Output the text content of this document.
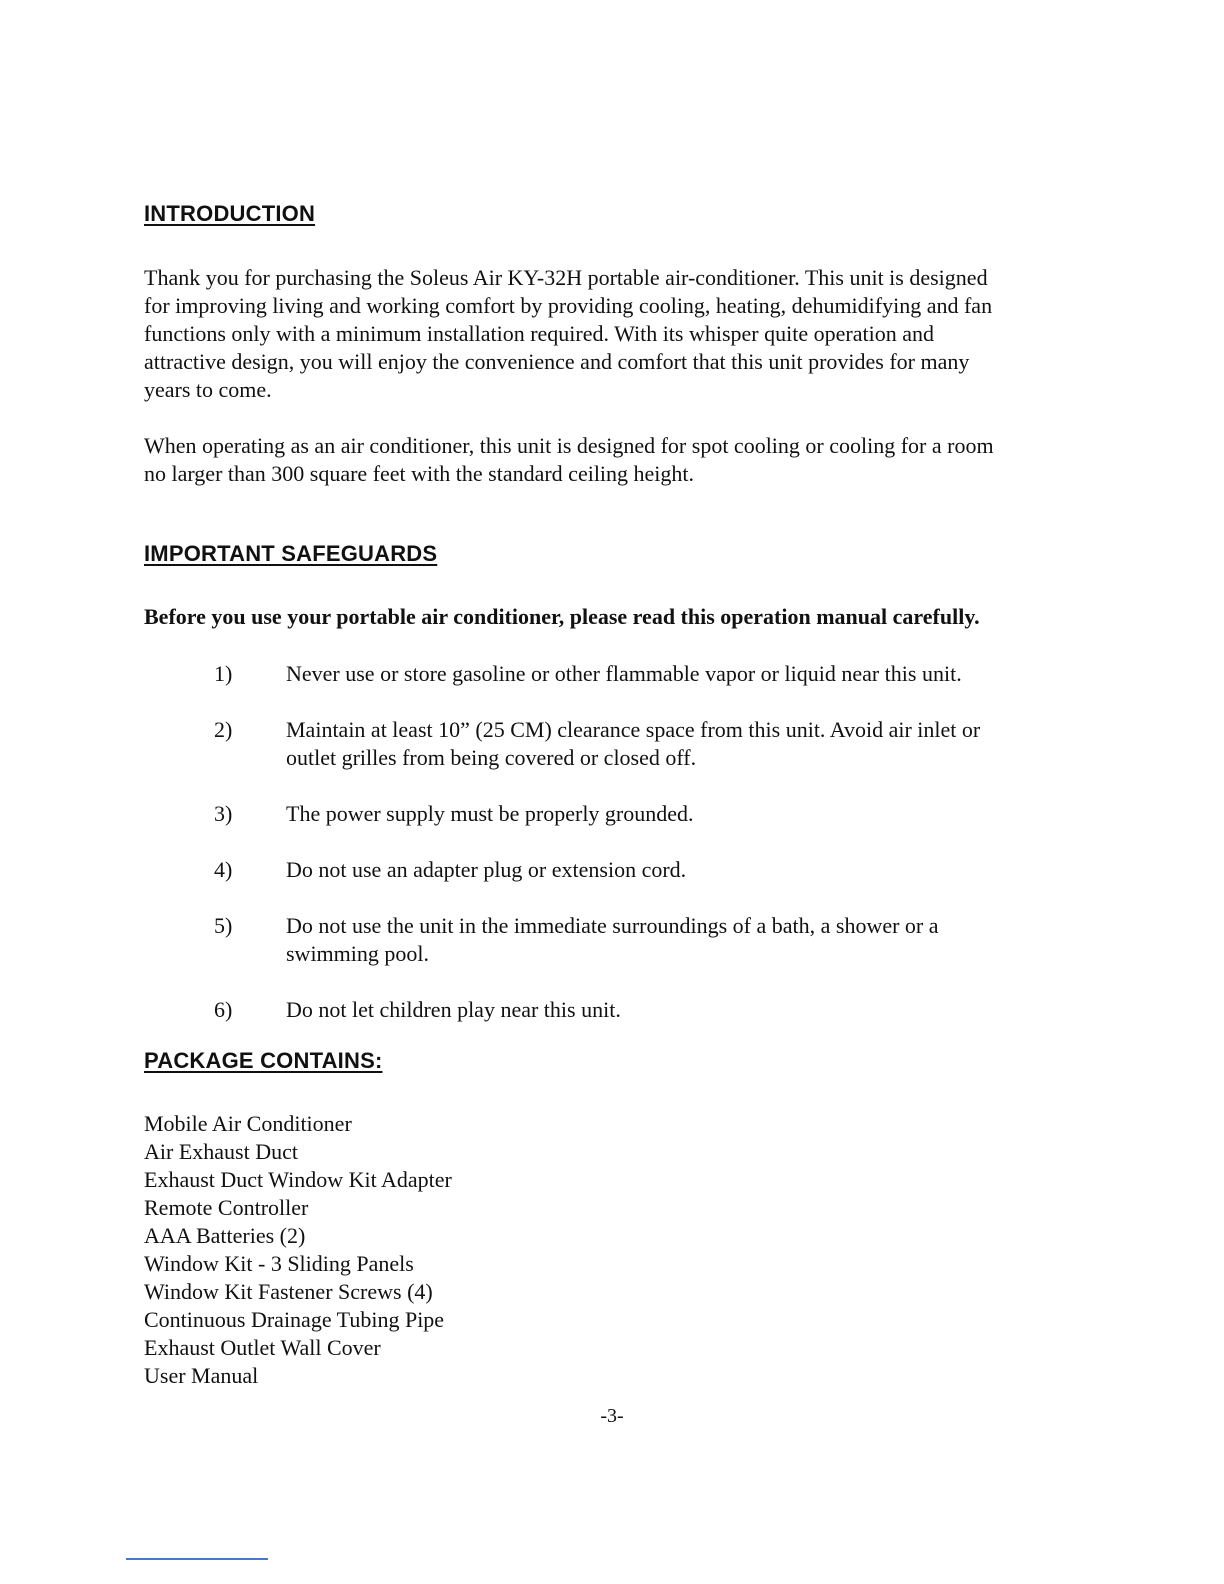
INTRODUCTION
Thank you for purchasing the Soleus Air KY-32H portable air-conditioner. This unit is designed
for improving living and working comfort by providing cooling, heating, dehumidifying and fan
functions only with a minimum installation required. With its whisper quite operation and
attractive design, you will enjoy the convenience and comfort that this unit provides for many
years to come.
When operating as an air conditioner, this unit is designed for spot cooling or cooling for a room
no larger than 300 square feet with the standard ceiling height.
IMPORTANT SAFEGUARDS

Before you use your portable air conditioner, please read this operation manual carefully.

1) Never use or store gasoline or other flammable vapor or liquid near this unit.
2) Maintain at least 10” (25 CM) clearance space from this unit. Avoid air inlet or
outlet grilles from being covered or closed off.
3) The power supply must be properly grounded.
4) Do not use an adapter plug or extension cord.
5) Do not use the unit in the immediate surroundings of a bath, a shower or a
swimming pool.
6) Do not let children play near this unit.
PACKAGE CONTAINS:
Mobile Air Conditioner
Air Exhaust Duct
Exhaust Duct Window Kit Adapter
Remote Controller
AAA Batteries (2)
Window Kit - 3 Sliding Panels
Window Kit Fastener Screws (4)
Continuous Drainage Tubing Pipe
Exhaust Outlet Wall Cover
User Manual
-3-
